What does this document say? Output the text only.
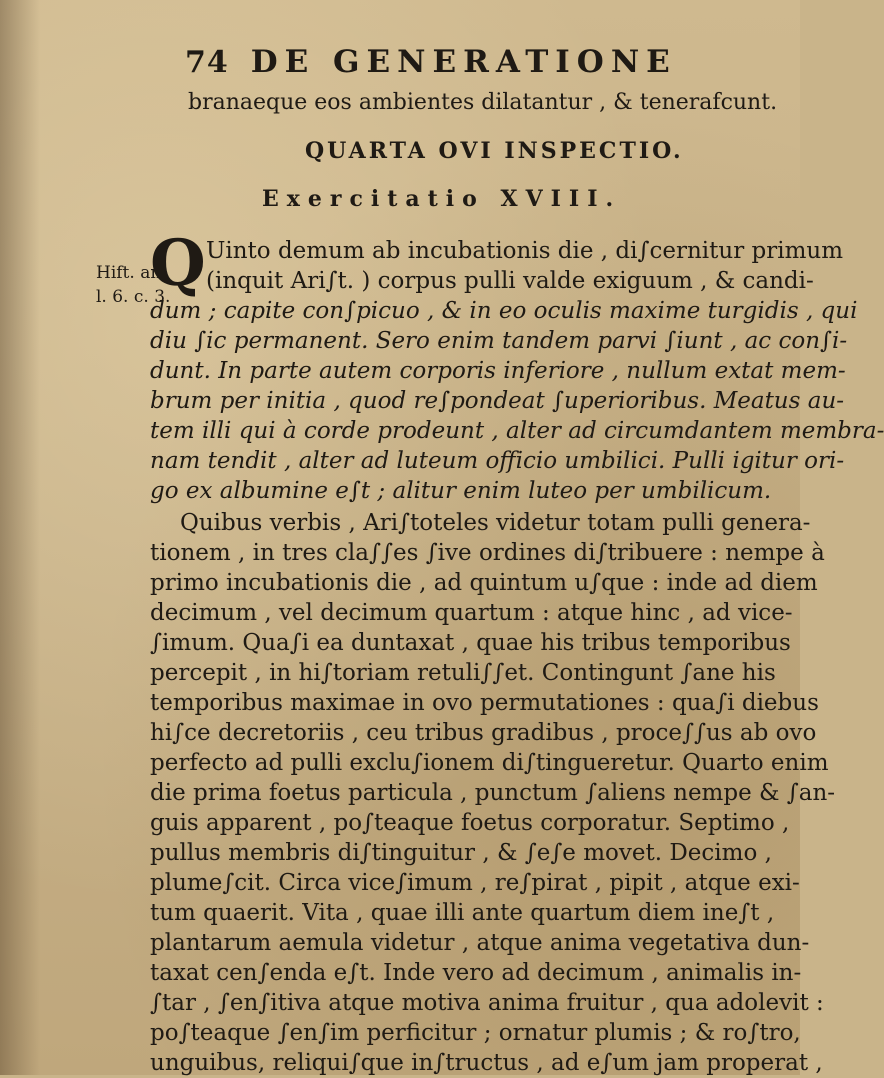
74 DE GENERATIONE
branaeque eos ambientes dilatantur , & tenerafcunt.
QUARTA OVI INSPECTIO.
Exercitatio XVIII.
Hift. an.
l. 6. c. 3.
Q Uinto demum ab incubationis die , di∫cernitur primum
(inquit Ari∫t. ) corpus pulli valde exiguum , & candi-
dum ; capite con∫picuo , & in eo oculis maxime turgidis , qui
diu ∫ic permanent. Sero enim tandem parvi ∫iunt , ac con∫i-
dunt. In parte autem corporis inferiore , nullum extat mem-
brum per initia , quod re∫pondeat ∫uperioribus. Meatus au-
tem illi qui à corde prodeunt , alter ad circumdantem membra-
nam tendit , alter ad luteum officio umbilici. Pulli igitur ori-
go ex albumine e∫t ; alitur enim luteo per umbilicum.
Quibus verbis , Ari∫toteles videtur totam pulli genera-
tionem , in tres cla∫∫es ∫ive ordines di∫tribuere : nempe à
primo incubationis die , ad quintum u∫que : inde ad diem
decimum , vel decimum quartum : atque hinc , ad vice-
∫imum. Qua∫i ea duntaxat , quae his tribus temporibus
percepit , in hi∫toriam retuli∫∫et. Contingunt ∫ane his
temporibus maximae in ovo permutationes : qua∫i diebus
hi∫ce decretoriis , ceu tribus gradibus , proce∫∫us ab ovo
perfecto ad pulli exclu∫ionem di∫tingueretur. Quarto enim
die prima foetus particula , punctum ∫aliens nempe & ∫an-
guis apparent , po∫teaque foetus corporatur. Septimo ,
pullus membris di∫tinguitur , & ∫e∫e movet. Decimo ,
plume∫cit. Circa vice∫imum , re∫pirat , pipit , atque exi-
tum quaerit. Vita , quae illi ante quartum diem ine∫t ,
plantarum aemula videtur , atque anima vegetativa dun-
taxat cen∫enda e∫t. Inde vero ad decimum , animalis in-
∫tar , ∫en∫itiva atque motiva anima fruitur , qua adolevit :
po∫teaque ∫en∫im perficitur ; ornatur plumis ; & ro∫tro,
unguibus, reliqui∫que in∫tructus , ad e∫um jam properat ,
